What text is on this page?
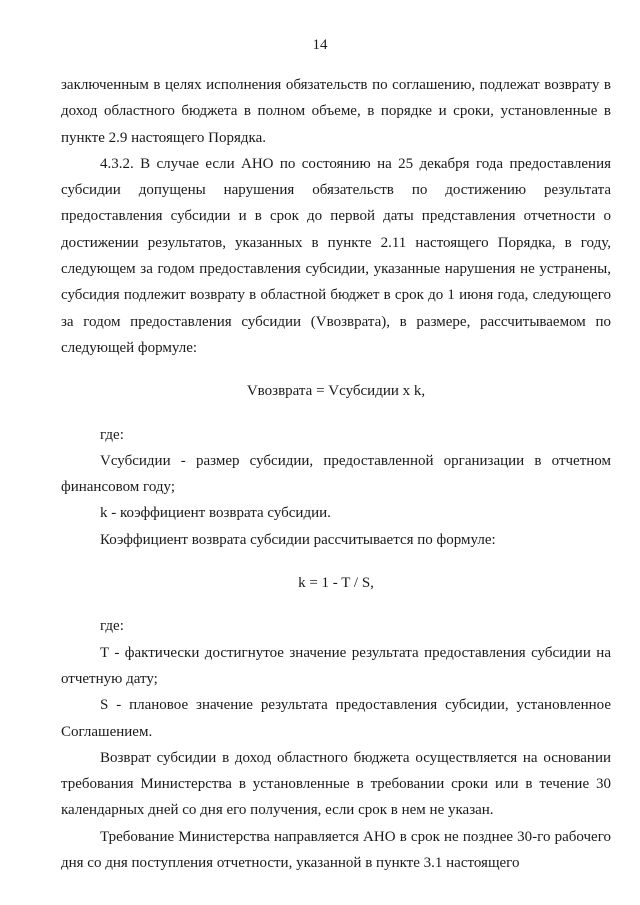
14

заключенным в целях исполнения обязательств по соглашению, подлежат возврату в доход областного бюджета в полном объеме, в порядке и сроки, установленные в пункте 2.9 настоящего Порядка.

4.3.2. В случае если АНО по состоянию на 25 декабря года предоставления субсидии допущены нарушения обязательств по достижению результата предоставления субсидии и в срок до первой даты представления отчетности о достижении результатов, указанных в пункте 2.11 настоящего Порядка, в году, следующем за годом предоставления субсидии, указанные нарушения не устранены, субсидия подлежит возврату в областной бюджет в срок до 1 июня года, следующего за годом предоставления субсидии (Vвозврата), в размере, рассчитываемом по следующей формуле:

Vвозврата = Vсубсидии x k,

где:

Vсубсидии - размер субсидии, предоставленной организации в отчетном финансовом году;

k - коэффициент возврата субсидии.

Коэффициент возврата субсидии рассчитывается по формуле:

k = 1 - T / S,

где:

T - фактически достигнутое значение результата предоставления субсидии на отчетную дату;

S - плановое значение результата предоставления субсидии, установленное Соглашением.

Возврат субсидии в доход областного бюджета осуществляется на основании требования Министерства в установленные в требовании сроки или в течение 30 календарных дней со дня его получения, если срок в нем не указан.

Требование Министерства направляется АНО в срок не позднее 30-го рабочего дня со дня поступления отчетности, указанной в пункте 3.1 настоящего
